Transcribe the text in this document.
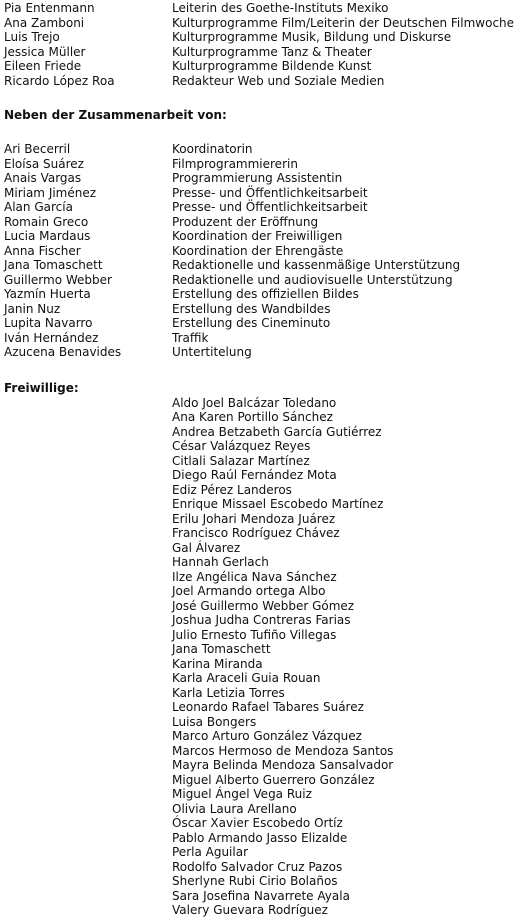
Pia Entenmann	Leiterin des Goethe-Instituts Mexiko
Ana Zamboni	Kulturprogramme Film/Leiterin der Deutschen Filmwoche
Luis Trejo	Kulturprogramme Musik, Bildung und Diskurse
Jessica Müller	Kulturprogramme Tanz & Theater
Eileen Friede	Kulturprogramme Bildende Kunst
Ricardo López Roa	Redakteur Web und Soziale Medien
Neben der Zusammenarbeit von:
Ari Becerril	Koordinatorin
Eloísa Suárez	Filmprogrammiererin
Anais Vargas	Programmierung Assistentin
Miriam Jiménez	Presse- und Öffentlichkeitsarbeit
Alan García	Presse- und Öffentlichkeitsarbeit
Romain Greco	Produzent der Eröffnung
Lucia Mardaus	Koordination der Freiwilligen
Anna Fischer	Koordination der Ehrengäste
Jana Tomaschett	Redaktionelle und kassenmäßige Unterstützung
Guillermo Webber	Redaktionelle und audiovisuelle Unterstützung
Yazmín Huerta	Erstellung des offiziellen Bildes
Janin Nuz	Erstellung des Wandbildes
Lupita Navarro	Erstellung des Cineminuto
Iván Hernández	Traffik
Azucena Benavides	Untertitelung
Freiwillige:
Aldo Joel Balcázar Toledano
Ana Karen Portillo Sánchez
Andrea Betzabeth García Gutiérrez
César Valázquez Reyes
Citlali Salazar Martínez
Diego Raúl Fernández Mota
Ediz Pérez Landeros
Enrique Missael Escobedo Martínez
Erilu Johari Mendoza Juárez
Francisco Rodríguez Chávez
Gal Álvarez
Hannah Gerlach
Ilze Angélica Nava Sánchez
Joel Armando ortega Albo
José Guillermo Webber Gómez
Joshua Judha Contreras Farias
Julio Ernesto Tufiño Villegas
Jana Tomaschett
Karina Miranda
Karla Araceli Guia Rouan
Karla Letizia Torres
Leonardo Rafael Tabares Suárez
Luisa Bongers
Marco Arturo González Vázquez
Marcos Hermoso de Mendoza Santos
Mayra Belinda Mendoza Sansalvador
Miguel Alberto Guerrero González
Miguel Ángel Vega Ruiz
Olivia Laura Arellano
Óscar Xavier Escobedo Ortíz
Pablo Armando Jasso Elizalde
Perla Aguilar
Rodolfo Salvador Cruz Pazos
Sherlyne Rubi Cirio Bolaños
Sara Josefina Navarrete Ayala
Valery Guevara Rodríguez
